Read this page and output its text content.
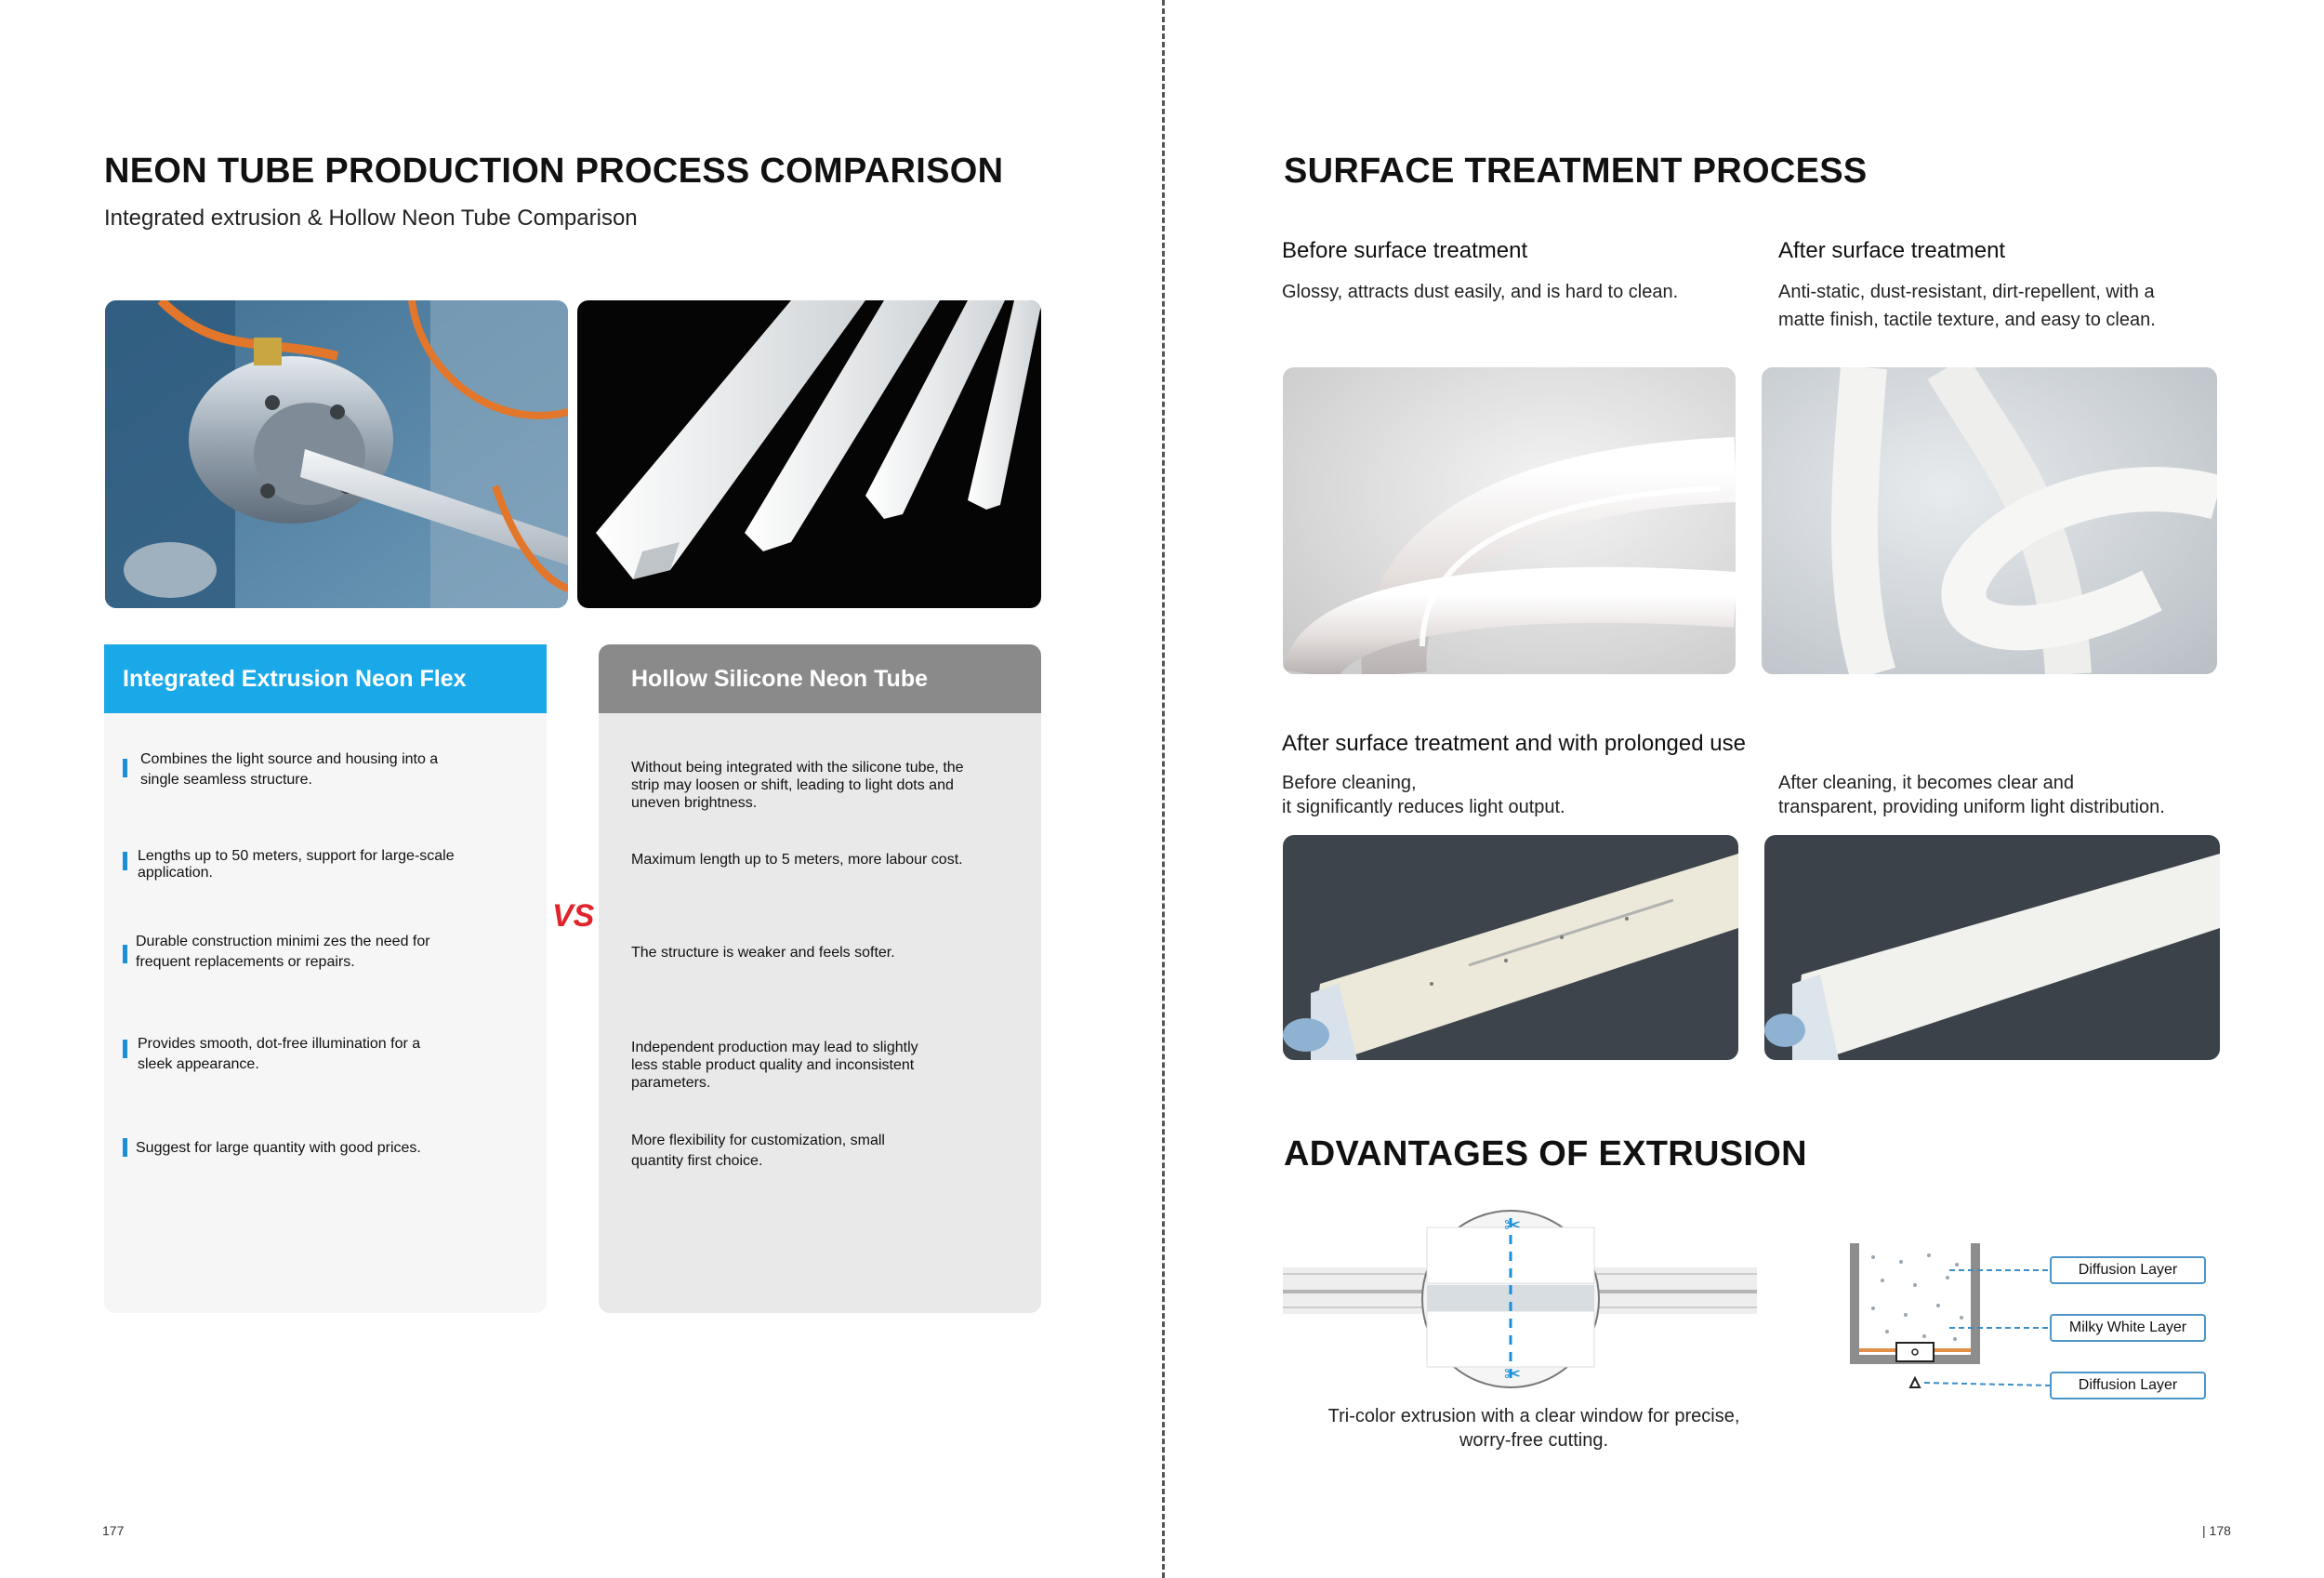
NEON TUBE PRODUCTION PROCESS COMPARISON
Integrated extrusion & Hollow Neon Tube Comparison
Integrated Extrusion Neon Flex
Combines the light source and housing into a single seamless structure.
Lengths up to 50 meters, support for large-scale application.
Durable construction minimi zes the need for frequent replacements or repairs.
Provides smooth, dot-free illumination for a sleek appearance.
Suggest for large quantity with good prices.
VS
Hollow Silicone Neon Tube
Without being integrated with the silicone tube, the strip may loosen or shift, leading to light dots and uneven brightness.
Maximum length up to 5 meters, more labour cost.
The structure is weaker and feels softer.
Independent production may lead to slightly less stable product quality and inconsistent parameters.
More flexibility for customization, small quantity first choice.
177
SURFACE TREATMENT PROCESS
Before surface treatment
Glossy, attracts dust easily, and is hard to clean.
After surface treatment
Anti-static, dust-resistant, dirt-repellent, with a matte finish, tactile texture, and easy to clean.
After surface treatment and with prolonged use
Before cleaning,
it significantly reduces light output.
After cleaning, it becomes clear and
transparent, providing uniform light distribution.
ADVANTAGES OF EXTRUSION
✂
✂
Tri-color extrusion with a clear window for precise,
worry-free cutting.
Diffusion Layer
Milky White Layer
Diffusion Layer
| 178
